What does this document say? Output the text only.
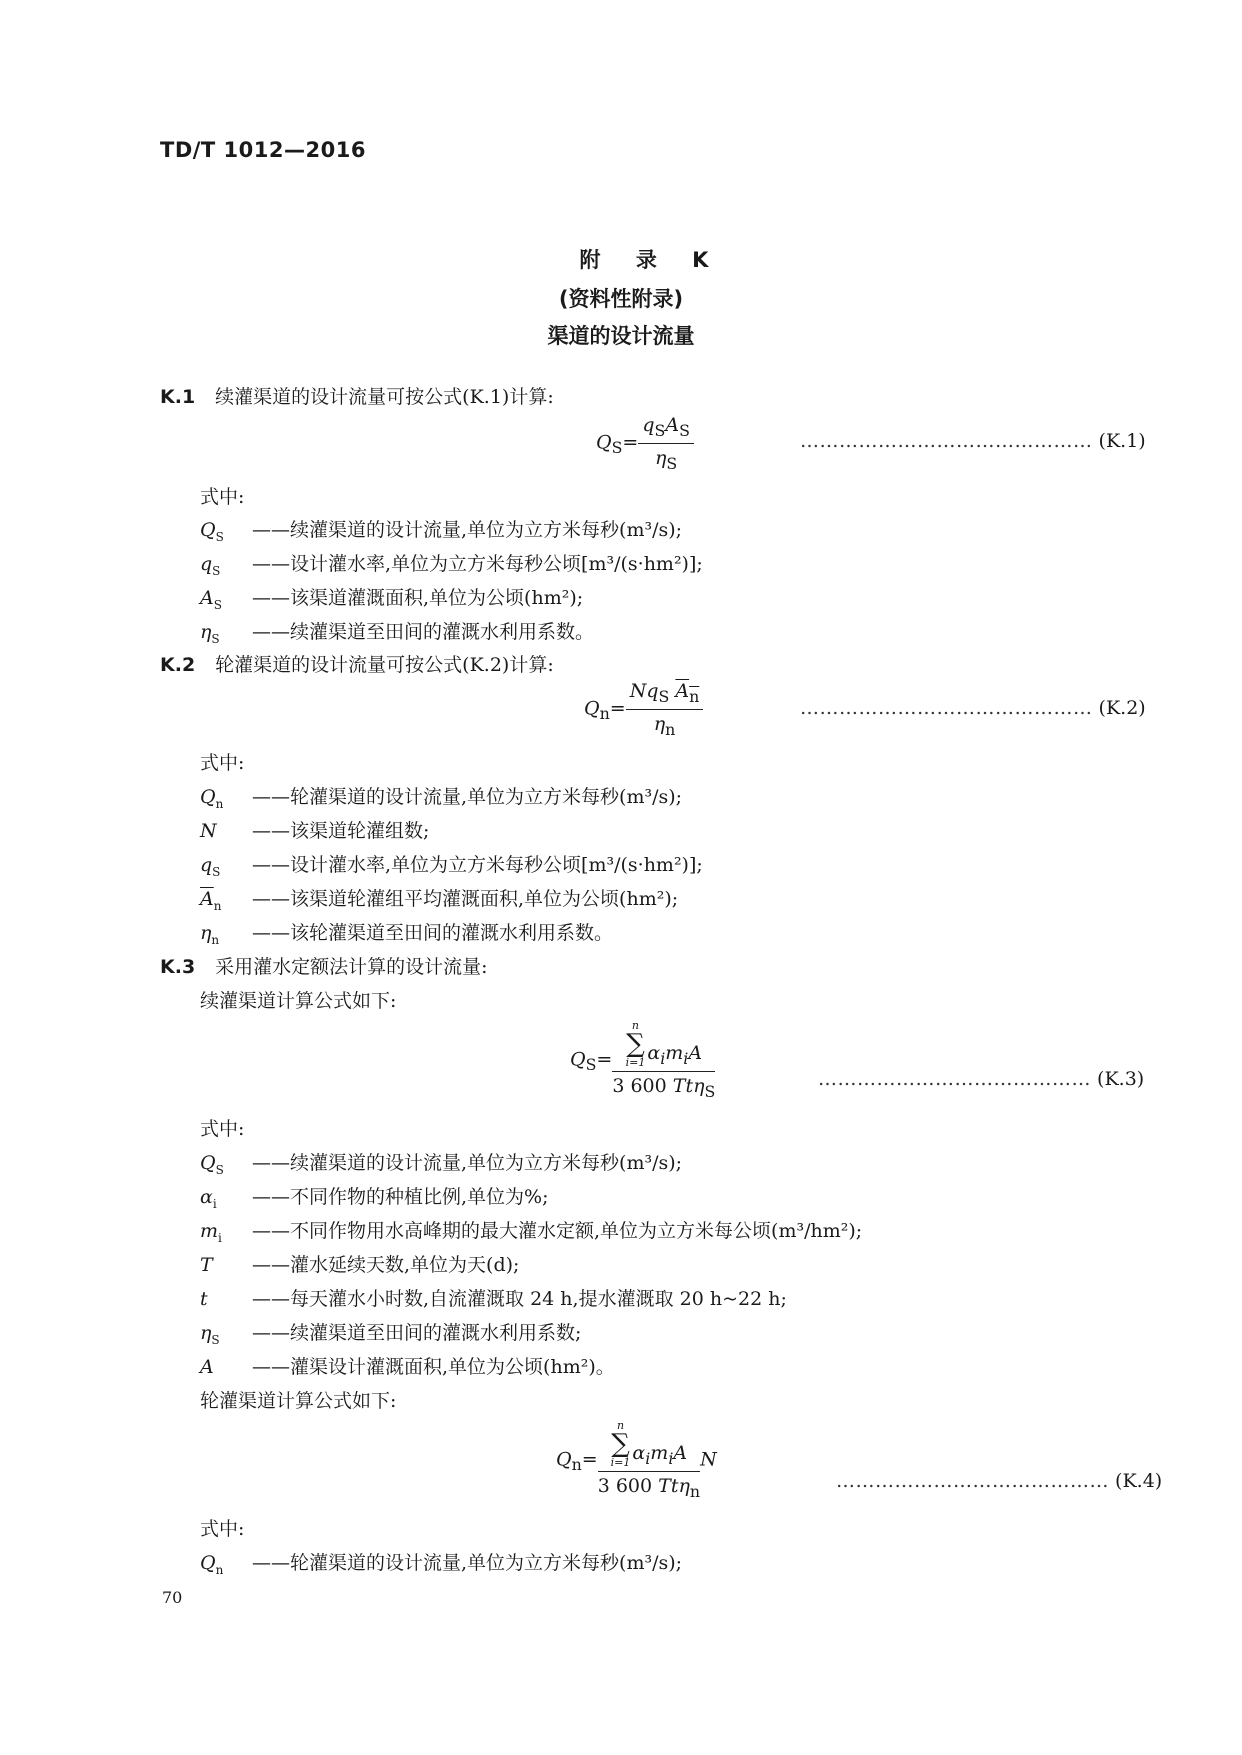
TD/T 1012—2016
附 录 K
(资料性附录)
渠道的设计流量
K.1 续灌渠道的设计流量可按公式(K.1)计算:
$Q_S= \frac{q_SA_S}{\eta_S}$	……………………………………… (K.1)
式中:
$Q_S$ ——续灌渠道的设计流量,单位为立方米每秒(m³/s);
$q_S$ ——设计灌水率,单位为立方米每秒公顷[m³/(s·hm²)];
$A_S$ ——该渠道灌溉面积,单位为公顷(hm²);
$\eta_S$ ——续灌渠道至田间的灌溉水利用系数。
K.2 轮灌渠道的设计流量可按公式(K.2)计算:
$Q_n= \frac{Nq_S A_n}{\eta_n}$	……………………………………… (K.2)
式中:
$Q_n$ ——轮灌渠道的设计流量,单位为立方米每秒(m³/s);
N ——该渠道轮灌组数;
$q_S$ ——设计灌水率,单位为立方米每秒公顷[m³/(s·hm²)];
$\overline{A}_n$ ——该渠道轮灌组平均灌溉面积,单位为公顷(hm²);
$\eta_n$ ——该轮灌渠道至田间的灌溉水利用系数。
K.3 采用灌水定额法计算的设计流量:
续灌渠道计算公式如下:
$Q_S= n$
∑
i=1 $\alpha_im_iA$
3 600 Ttη$_S$	…………………………………… (K.3)
式中:
$Q_S$ ——续灌渠道的设计流量,单位为立方米每秒(m³/s);
$\alpha_i$ ——不同作物的种植比例,单位为%;
$m_i$ ——不同作物用水高峰期的最大灌水定额,单位为立方米每公顷(m³/hm²);
T ——灌水延续天数,单位为天(d);
t ——每天灌水小时数,自流灌溉取 24 h,提水灌溉取 20 h~22 h;
$\eta_S$ ——续灌渠道至田间的灌溉水利用系数;
A ——灌渠设计灌溉面积,单位为公顷(hm²)。
轮灌渠道计算公式如下:
$Q_n= n$
∑
i=1 $\alpha_im_iA$
3 600 Ttη$_n$ N
…………………………………… (K.4)
式中:
$Q_n$ ——轮灌渠道的设计流量,单位为立方米每秒(m³/s);
70
